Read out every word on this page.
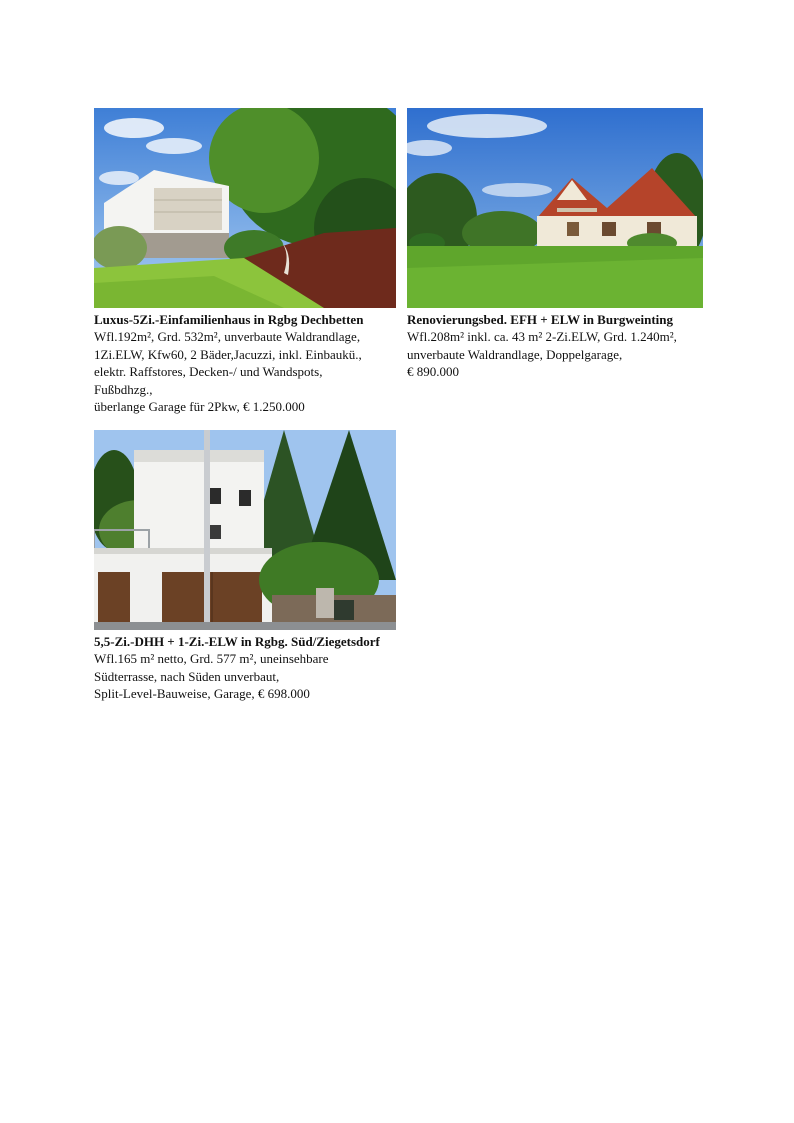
Luxus-5Zi.-Einfamilienhaus in Rgbg Dechbetten
Wfl.192m², Grd. 532m², unverbaute Waldrandlage,
1Zi.ELW, Kfw60, 2 Bäder,Jacuzzi, inkl. Einbaukü.,
elektr. Raffstores, Decken-/ und Wandspots,
Fußbdhzg.,
überlange Garage für 2Pkw, € 1.250.000
Renovierungsbed. EFH + ELW in Burgweinting
Wfl.208m² inkl. ca. 43 m² 2-Zi.ELW, Grd. 1.240m²,
unverbaute Waldrandlage, Doppelgarage,
€ 890.000
5,5-Zi.-DHH + 1-Zi.-ELW in Rgbg. Süd/Ziegetsdorf
Wfl.165 m² netto, Grd. 577 m², uneinsehbare
Südterrasse, nach Süden unverbaut,
Split-Level-Bauweise, Garage, € 698.000
